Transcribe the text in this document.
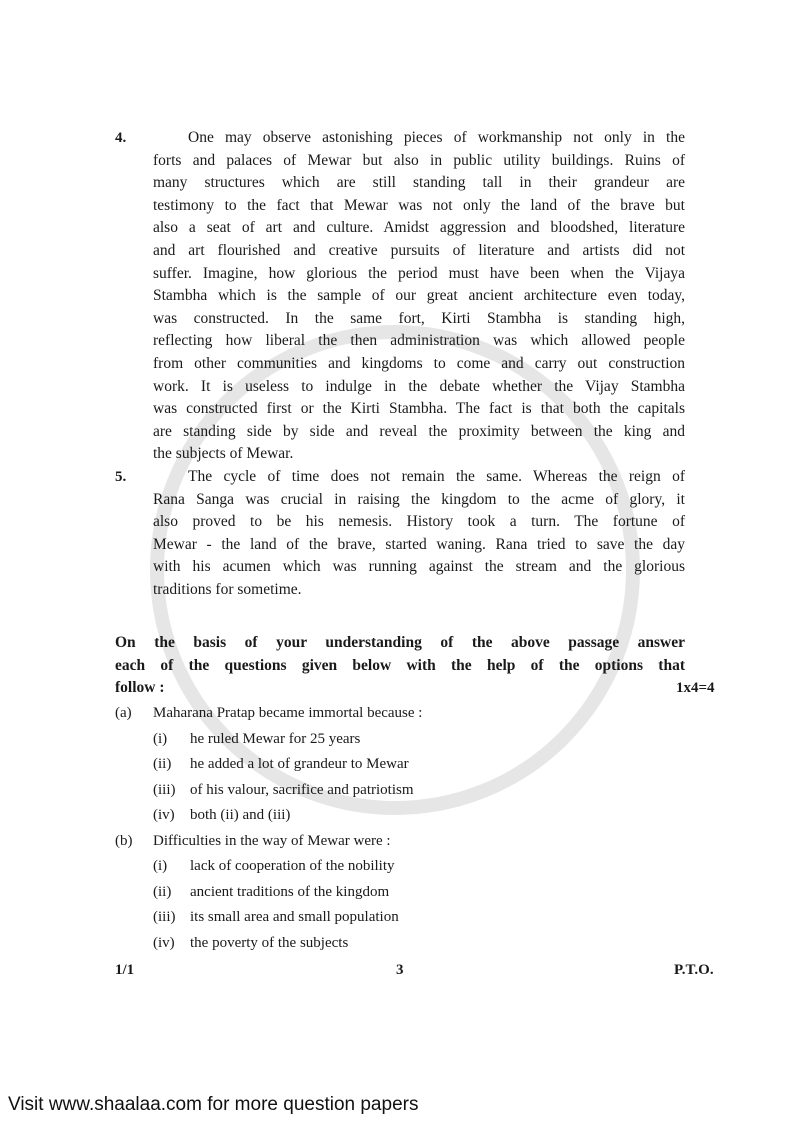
4.	One may observe astonishing pieces of workmanship not only in the
forts and palaces of Mewar but also in public utility buildings. Ruins of
many structures which are still standing tall in their grandeur are
testimony to the fact that Mewar was not only the land of the brave but
also a seat of art and culture. Amidst aggression and bloodshed, literature
and art flourished and creative pursuits of literature and artists did not
suffer. Imagine, how glorious the period must have been when the Vijaya
Stambha which is the sample of our great ancient architecture even today,
was constructed. In the same fort, Kirti Stambha is standing high,
reflecting how liberal the then administration was which allowed people
from other communities and kingdoms to come and carry out construction
work. It is useless to indulge in the debate whether the Vijay Stambha
was constructed first or the Kirti Stambha. The fact is that both the capitals
are standing side by side and reveal the proximity between the king and
the subjects of Mewar.
5.	The cycle of time does not remain the same. Whereas the reign of
Rana Sanga was crucial in raising the kingdom to the acme of glory, it
also proved to be his nemesis. History took a turn. The fortune of
Mewar - the land of the brave, started waning. Rana tried to save the day
with his acumen which was running against the stream and the glorious
traditions for sometime.
On the basis of your understanding of the above passage answer
each of the questions given below with the help of the options that
follow :	1x4=4
(a) Maharana Pratap became immortal because :
(i) he ruled Mewar for 25 years
(ii) he added a lot of grandeur to Mewar
(iii) of his valour, sacrifice and patriotism
(iv) both (ii) and (iii)
(b) Difficulties in the way of Mewar were :
(i) lack of cooperation of the nobility
(ii) ancient traditions of the kingdom
(iii) its small area and small population
(iv) the poverty of the subjects
1/1	3	P.T.O.
Visit www.shaalaa.com for more question papers
